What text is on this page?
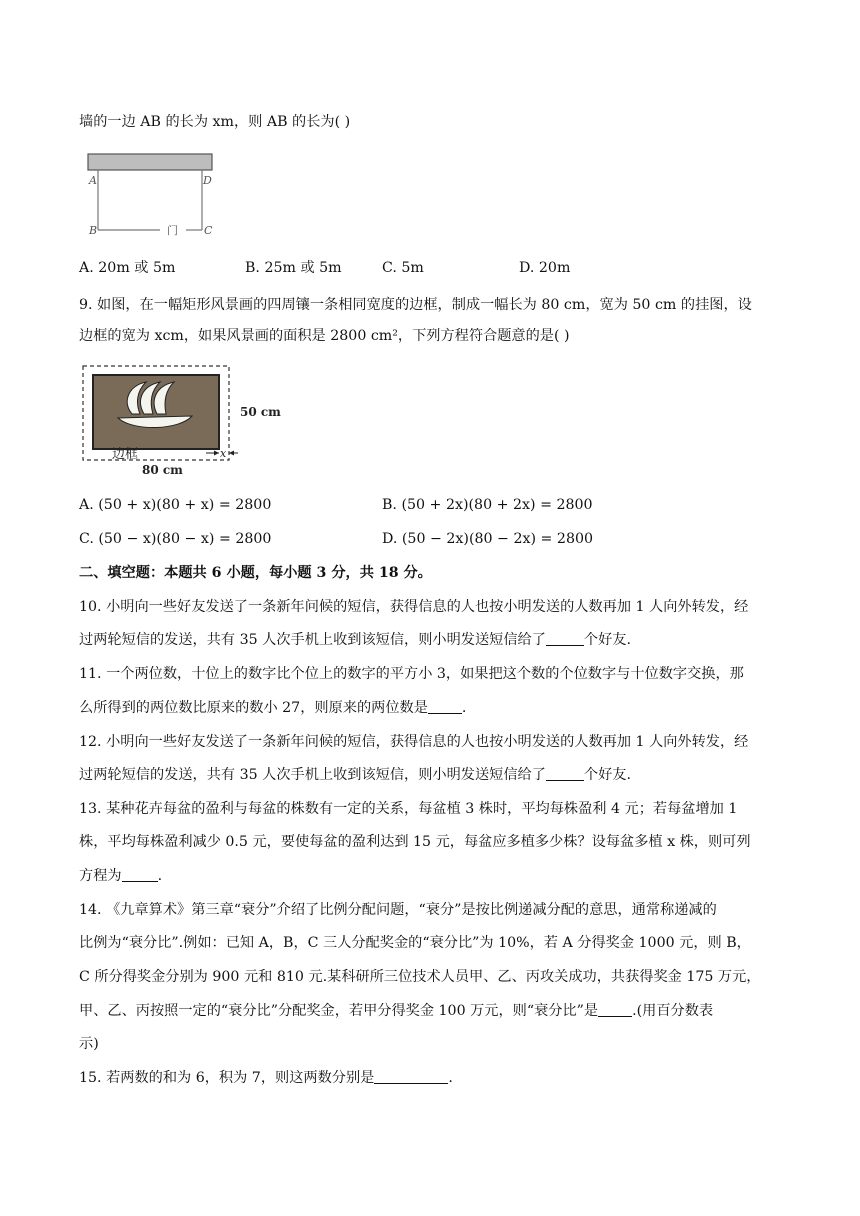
墙的一边 AB 的长为 xm，则 AB 的长为( )
A	D
B	C
门
A. 20m 或 5m	B. 25m 或 5m	C. 5m	D. 20m
9. 如图，在一幅矩形风景画的四周镶一条相同宽度的边框，制成一幅长为 80 cm，宽为 50 cm 的挂图，设
边框的宽为 xcm，如果风景画的面积是 2800 cm²，下列方程符合题意的是( )
50 cm
边框
80 cm
x
A. (50 + x)(80 + x) = 2800	B. (50 + 2x)(80 + 2x) = 2800
C. (50 − x)(80 − x) = 2800	D. (50 − 2x)(80 − 2x) = 2800
二、填空题：本题共 6 小题，每小题 3 分，共 18 分。
10. 小明向一些好友发送了一条新年问候的短信，获得信息的人也按小明发送的人数再加 1 人向外转发，经
过两轮短信的发送，共有 35 人次手机上收到该短信，则小明发送短信给了	个好友.
11. 一个两位数，十位上的数字比个位上的数字的平方小 3，如果把这个数的个位数字与十位数字交换，那
么所得到的两位数比原来的数小 27，则原来的两位数是 .
12. 小明向一些好友发送了一条新年问候的短信，获得信息的人也按小明发送的人数再加 1 人向外转发，经
过两轮短信的发送，共有 35 人次手机上收到该短信，则小明发送短信给了	个好友.
13. 某种花卉每盆的盈利与每盆的株数有一定的关系，每盆植 3 株时，平均每株盈利 4 元；若每盆增加 1
株，平均每株盈利减少 0.5 元，要使每盆的盈利达到 15 元，每盆应多植多少株？设每盆多植 x 株，则可列
方程为	.
14. 《九章算术》第三章“衰分”介绍了比例分配问题，“衰分”是按比例递减分配的意思，通常称递减的
比例为“衰分比”.例如：已知 A，B，C 三人分配奖金的“衰分比”为 10%，若 A 分得奖金 1000 元，则 B，
C 所分得奖金分别为 900 元和 810 元.某科研所三位技术人员甲、乙、丙攻关成功，共获得奖金 175 万元，
甲、乙、丙按照一定的“衰分比”分配奖金，若甲分得奖金 100 万元，则“衰分比”是 .(用百分数表
示)
15. 若两数的和为 6，积为 7，则这两数分别是	.
